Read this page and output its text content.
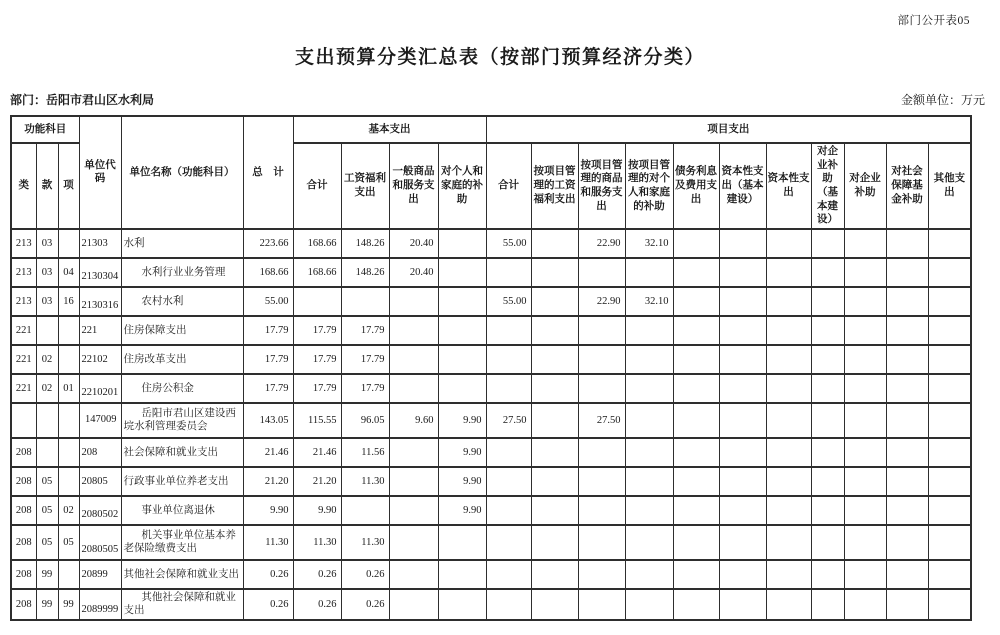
部门公开表05
支出预算分类汇总表（按部门预算经济分类）
部门：岳阳市君山区水利局	金额单位：万元
功能科目			单位代码	单位名称（功能科目）	总　计	基本支出				项目支出										
类	款	项				合计	工资福利支出	一般商品和服务支出	对个人和家庭的补助	合计	按项目管理的工资福利支出	按项目管理的商品和服务支出	按项目管理的对个人和家庭的补助	债务利息及费用支出	资本性支出（基本建设）	资本性支出	对企业补助（基本建设）	对企业补助	对社会保障基金补助	其他支出
213	03		21303	水利	223.66	168.66	148.26	20.40		55.00		22.90	32.10							
213	03	04	2130304	水利行业业务管理	168.66	168.66	148.26	20.40												
213	03	16	2130316	农村水利	55.00					55.00		22.90	32.10							
221			221	住房保障支出	17.79	17.79	17.79													
221	02		22102	住房改革支出	17.79	17.79	17.79													
221	02	01	2210201	住房公积金	17.79	17.79	17.79													
			147009	岳阳市君山区建设西垸水利管理委员会	143.05	115.55	96.05	9.60	9.90	27.50		27.50								
208			208	社会保障和就业支出	21.46	21.46	11.56		9.90											
208	05		20805	行政事业单位养老支出	21.20	21.20	11.30		9.90											
208	05	02	2080502	事业单位离退休	9.90	9.90			9.90											
208	05	05	2080505	机关事业单位基本养老保险缴费支出	11.30	11.30	11.30													
208	99		20899	其他社会保障和就业支出	0.26	0.26	0.26													
208	99	99	2089999	其他社会保障和就业支出	0.26	0.26	0.26													
